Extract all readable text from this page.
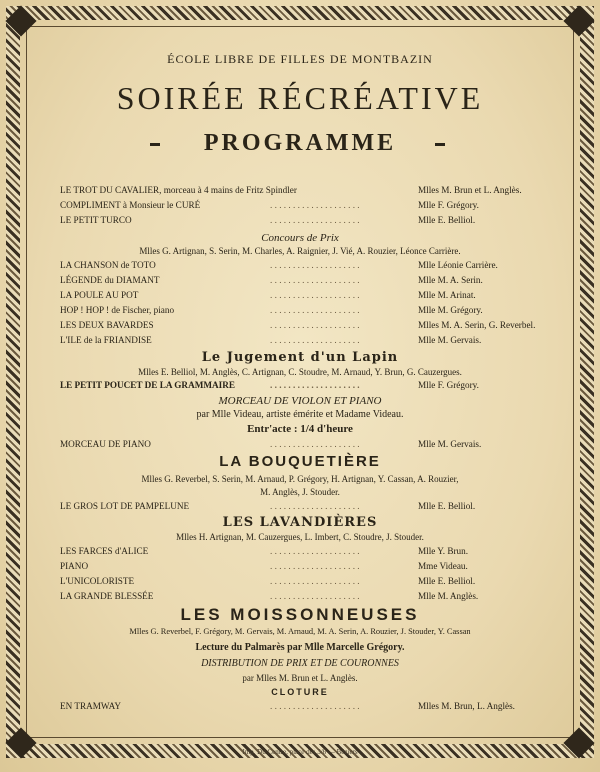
ÉCOLE LIBRE DE FILLES DE MONTBAZIN
SOIRÉE RÉCRÉATIVE
▬	PROGRAMME	▬
LE TROT DU CAVALIER, morceau à 4 mains de Fritz Spindler	Mlles M. Brun et L. Anglès.
COMPLIMENT à Monsieur le CURÉ	. . . . . . . . . . . . . . . . . . . .	Mlle F. Grégory.
LE PETIT TURCO	. . . . . . . . . . . . . . . . . . . .	Mlle E. Belliol.
Concours de Prix
Mlles G. Artignan, S. Serin, M. Charles, A. Raignier, J. Vié, A. Rouzier, Léonce Carrière.
LA CHANSON de TOTO	. . . . . . . . . . . . . . . . . . . .	Mlle Léonie Carrière.
LÉGENDE du DIAMANT	. . . . . . . . . . . . . . . . . . . .	Mlle M. A. Serin.
LA POULE AU POT	. . . . . . . . . . . . . . . . . . . .	Mlle M. Arinat.
HOP ! HOP ! de Fischer, piano	. . . . . . . . . . . . . . . . . . . .	Mlle M. Grégory.
LES DEUX BAVARDES	. . . . . . . . . . . . . . . . . . . .	Mlles M. A. Serin, G. Reverbel.
L'ILE de la FRIANDISE	. . . . . . . . . . . . . . . . . . . .	Mlle M. Gervais.
Le Jugement d'un Lapin
Mlles E. Belliol, M. Anglès, C. Artignan, C. Stoudre, M. Arnaud, Y. Brun, G. Cauzergues.
LE PETIT POUCET DE LA GRAMMAIRE	. . . . . . . . . . . . . . . . . . . .	Mlle F. Grégory.
MORCEAU DE VIOLON ET PIANO
par Mlle Videau, artiste émérite et Madame Videau.
Entr'acte : 1/4 d'heure
MORCEAU DE PIANO	. . . . . . . . . . . . . . . . . . . .	Mlle M. Gervais.
LA BOUQUETIÈRE
Mlles G. Reverbel, S. Serin, M. Arnaud, P. Grégory, H. Artignan, Y. Cassan, A. Rouzier,
M. Anglès, J. Stouder.
LE GROS LOT DE PAMPELUNE	. . . . . . . . . . . . . . . . . . . .	Mlle E. Belliol.
LES LAVANDIÈRES
Mlles H. Artignan, M. Cauzergues, L. Imbert, C. Stoudre, J. Stouder.
LES FARCES d'ALICE	. . . . . . . . . . . . . . . . . . . .	Mlle Y. Brun.
PIANO	. . . . . . . . . . . . . . . . . . . .	Mme Videau.
L'UNICOLORISTE	. . . . . . . . . . . . . . . . . . . .	Mlle E. Belliol.
LA GRANDE BLESSÉE	. . . . . . . . . . . . . . . . . . . .	Mlle M. Anglès.
LES MOISSONNEUSES
Mlles G. Reverbel, F. Grégory, M. Gervais, M. Arnaud, M. A. Serin, A. Rouzier, J. Stouder, Y. Cassan
Lecture du Palmarès par Mlle Marcelle Grégory.
DISTRIBUTION DE PRIX ET DE COURONNES
par Mlles M. Brun et L. Anglès.
CLOTURE
EN TRAMWAY	. . . . . . . . . . . . . . . . . . . .	Mlles M. Brun, L. Anglès.
Imp. Du Centre, place des 3/6 — Béziers
